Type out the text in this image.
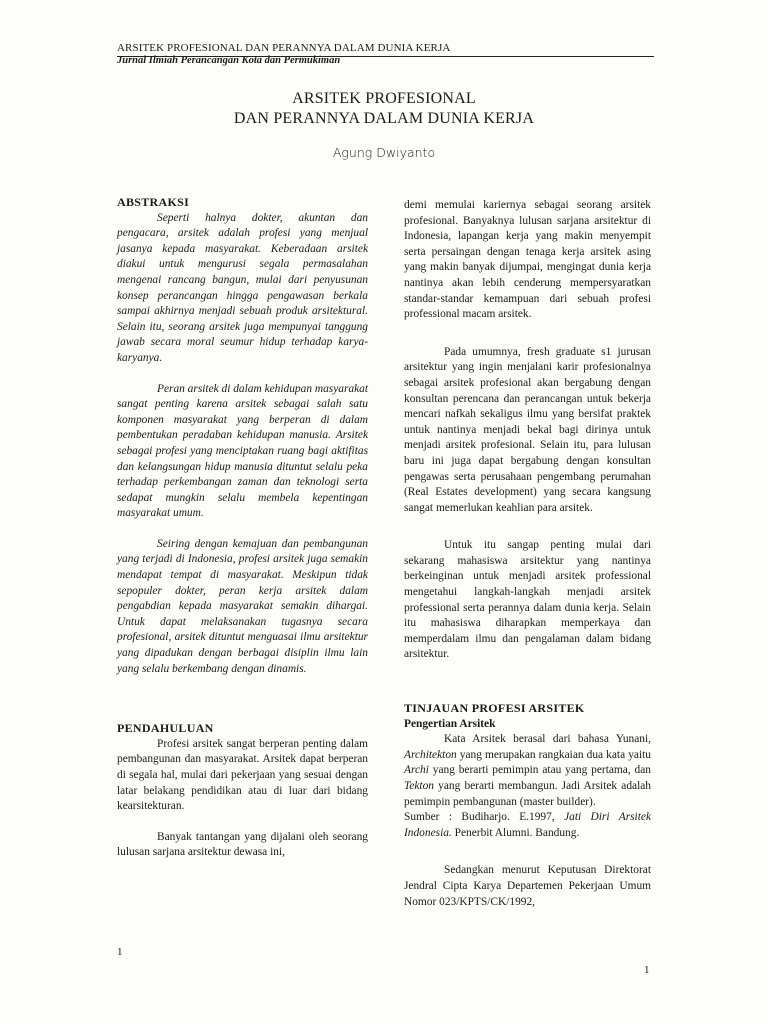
ARSITEK PROFESIONAL DAN PERANNYA DALAM DUNIA KERJA
Jurnal Ilmiah Perancangan Kota dan Permukiman
ARSITEK PROFESIONAL
DAN PERANNYA DALAM DUNIA KERJA
Agung Dwiyanto

ABSTRAKSI

Seperti halnya dokter, akuntan dan pengacara, arsitek adalah profesi yang menjual jasanya kepada masyarakat. Keberadaan arsitek diakui untuk mengurusi segala permasalahan mengenai rancang bangun, mulai dari penyusunan konsep perancangan hingga pengawasan berkala sampai akhirnya menjadi sebuah produk arsitektural. Selain itu, seorang arsitek juga mempunyai tanggung jawab secara moral seumur hidup terhadap karya-karyanya.

Peran arsitek di dalam kehidupan masyarakat sangat penting karena arsitek sebagai salah satu komponen masyarakat yang berperan di dalam pembentukan peradaban kehidupan manusia. Arsitek sebagai profesi yang menciptakan ruang bagi aktifitas dan kelangsungan hidup manusia dituntut selalu peka terhadap perkembangan zaman dan teknologi serta sedapat mungkin selalu membela kepentingan masyarakat umum.

Seiring dengan kemajuan dan pembangunan yang terjadi di Indonesia, profesi arsitek juga semakin mendapat tempat di masyarakat. Meskipun tidak sepopuler dokter, peran kerja arsitek dalam pengabdian kepada masyarakat semakin dihargai. Untuk dapat melaksanakan tugasnya secara profesional, arsitek dituntut menguasai ilmu arsitektur yang dipadukan dengan berbagai disiplin ilmu lain yang selalu berkembang dengan dinamis.

PENDAHULUAN

Profesi arsitek sangat berperan penting dalam pembangunan dan masyarakat. Arsitek dapat berperan di segala hal, mulai dari pekerjaan yang sesuai dengan latar belakang pendidikan atau di luar dari bidang kearsitekturan.

Banyak tantangan yang dijalani oleh seorang lulusan sarjana arsitektur dewasa ini,

demi memulai kariernya sebagai seorang arsitek profesional. Banyaknya lulusan sarjana arsitektur di Indonesia, lapangan kerja yang makin menyempit serta persaingan dengan tenaga kerja arsitek asing yang makin banyak dijumpai, mengingat dunia kerja nantinya akan lebih cenderung mempersyaratkan standar-standar kemampuan dari sebuah profesi professional macam arsitek.

Pada umumnya, fresh graduate s1 jurusan arsitektur yang ingin menjalani karir profesionalnya sebagai arsitek profesional akan bergabung dengan konsultan perencana dan perancangan untuk bekerja mencari nafkah sekaligus ilmu yang bersifat praktek untuk nantinya menjadi bekal bagi dirinya untuk menjadi arsitek profesional. Selain itu, para lulusan baru ini juga dapat bergabung dengan konsultan pengawas serta perusahaan pengembang perumahan (Real Estates development) yang secara kangsung sangat memerlukan keahlian para arsitek.

Untuk itu sangap penting mulai dari sekarang mahasiswa arsitektur yang nantinya berkeinginan untuk menjadi arsitek professional mengetahui langkah-langkah menjadi arsitek professional serta perannya dalam dunia kerja. Selain itu mahasiswa diharapkan memperkaya dan memperdalam ilmu dan pengalaman dalam bidang arsitektur.

TINJAUAN PROFESI ARSITEK

Pengertian Arsitek

Kata Arsitek berasal dari bahasa Yunani, Architekton yang merupakan rangkaian dua kata yaitu Archi yang berarti pemimpin atau yang pertama, dan Tekton yang berarti membangun. Jadi Arsitek adalah pemimpin pembangunan (master builder).

Sumber : Budiharjo. E.1997, Jati Diri Arsitek Indonesia. Penerbit Alumni. Bandung.

Sedangkan menurut Keputusan Direktorat Jendral Cipta Karya Departemen Pekerjaan Umum Nomor 023/KPTS/CK/1992,

1
1
